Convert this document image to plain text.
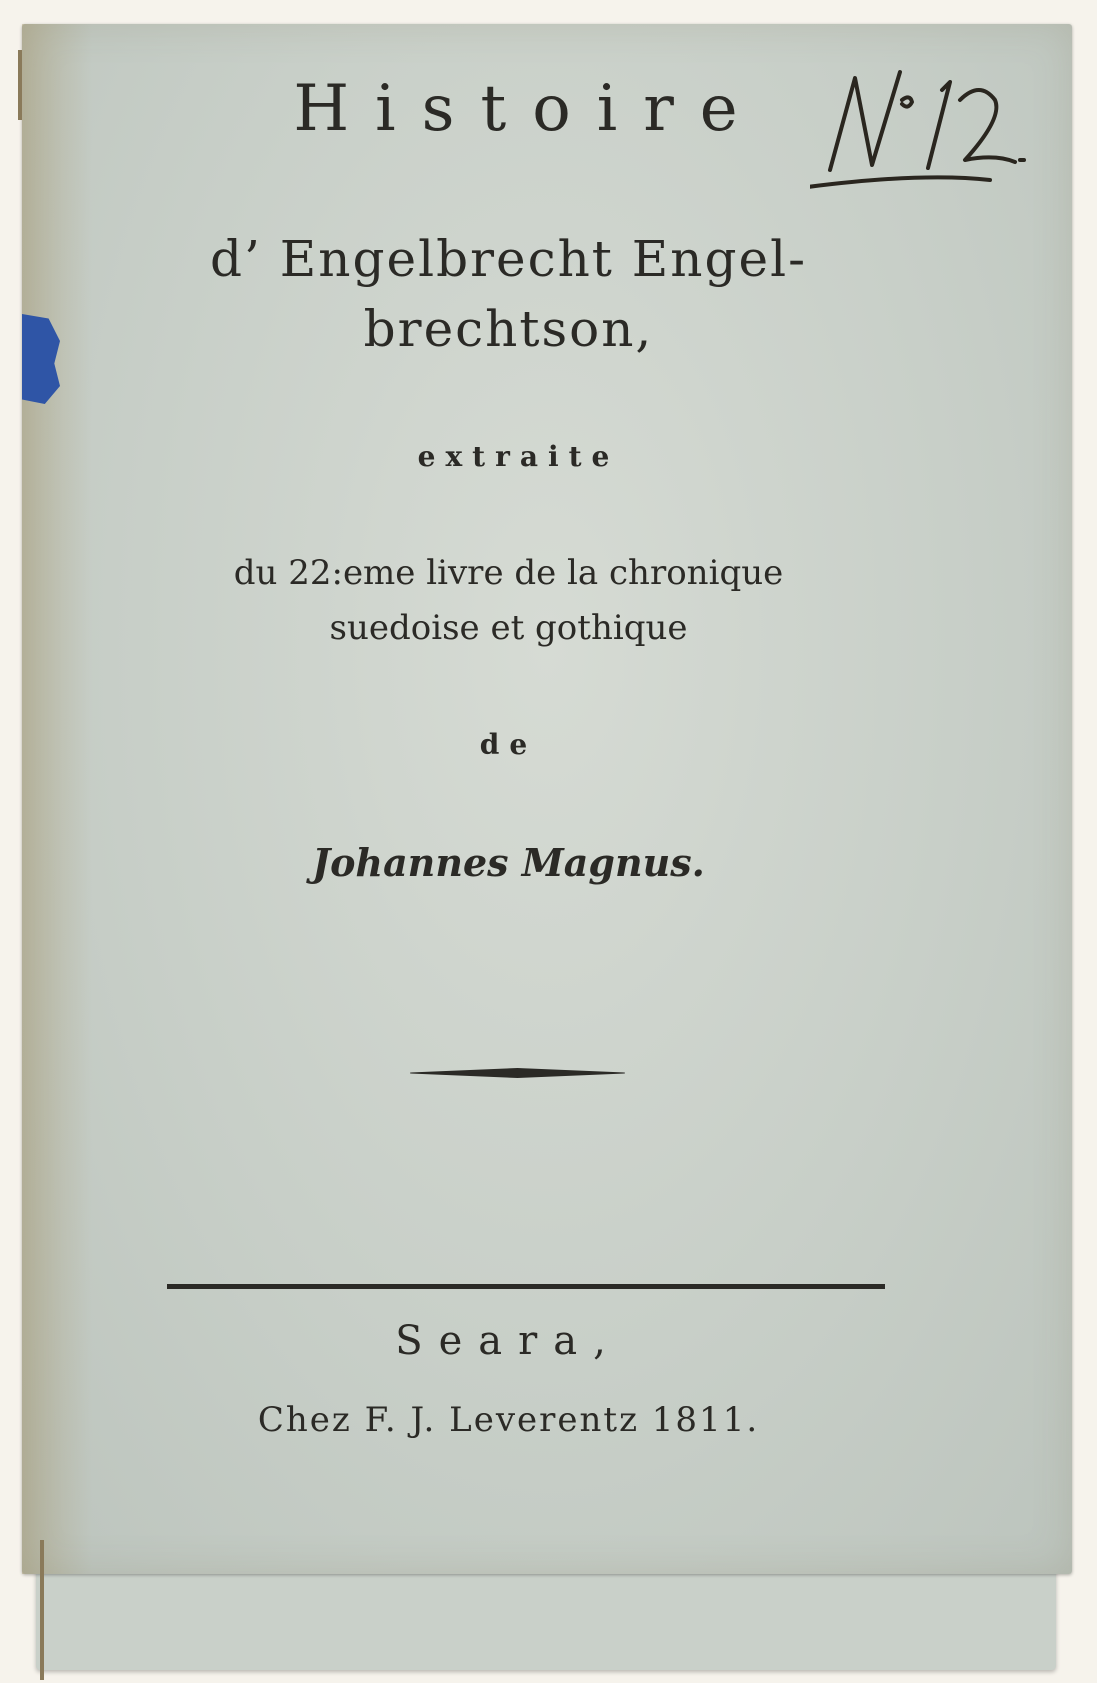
Histoire
d’ Engelbrecht Engel-
brechtson,
extraite
du 22:eme livre de la chronique
suedoise et gothique
de
Johannes Magnus.
Seara,
Chez F. J. Leverentz 1811.
